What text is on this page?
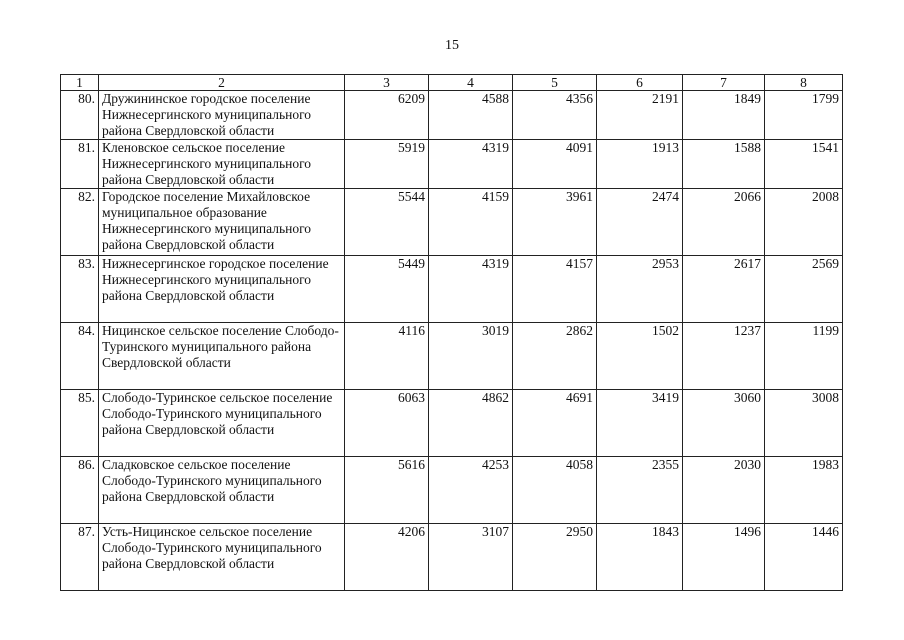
15
1	2	3	4	5	6	7	8
80.	Дружининское городское поселение Нижнесергинского муниципального района Свердловской области	6209	4588	4356	2191	1849	1799
81.	Кленовское сельское поселение Нижнесергинского муниципального района Свердловской области	5919	4319	4091	1913	1588	1541
82.	Городское поселение Михайловское муниципальное образование Нижнесергинского муниципального района Свердловской области	5544	4159	3961	2474	2066	2008
83.	Нижнесергинское городское поселение Нижнесергинского муниципального района Свердловской области	5449	4319	4157	2953	2617	2569
84.	Ницинское сельское поселение Слободо-Туринского муниципального района Свердловской области	4116	3019	2862	1502	1237	1199
85.	Слободо-Туринское сельское поселение Слободо-Туринского муниципального района Свердловской области	6063	4862	4691	3419	3060	3008
86.	Сладковское сельское поселение Слободо-Туринского муниципального района Свердловской области	5616	4253	4058	2355	2030	1983
87.	Усть-Ницинское сельское поселение Слободо-Туринского муниципального района Свердловской области	4206	3107	2950	1843	1496	1446
